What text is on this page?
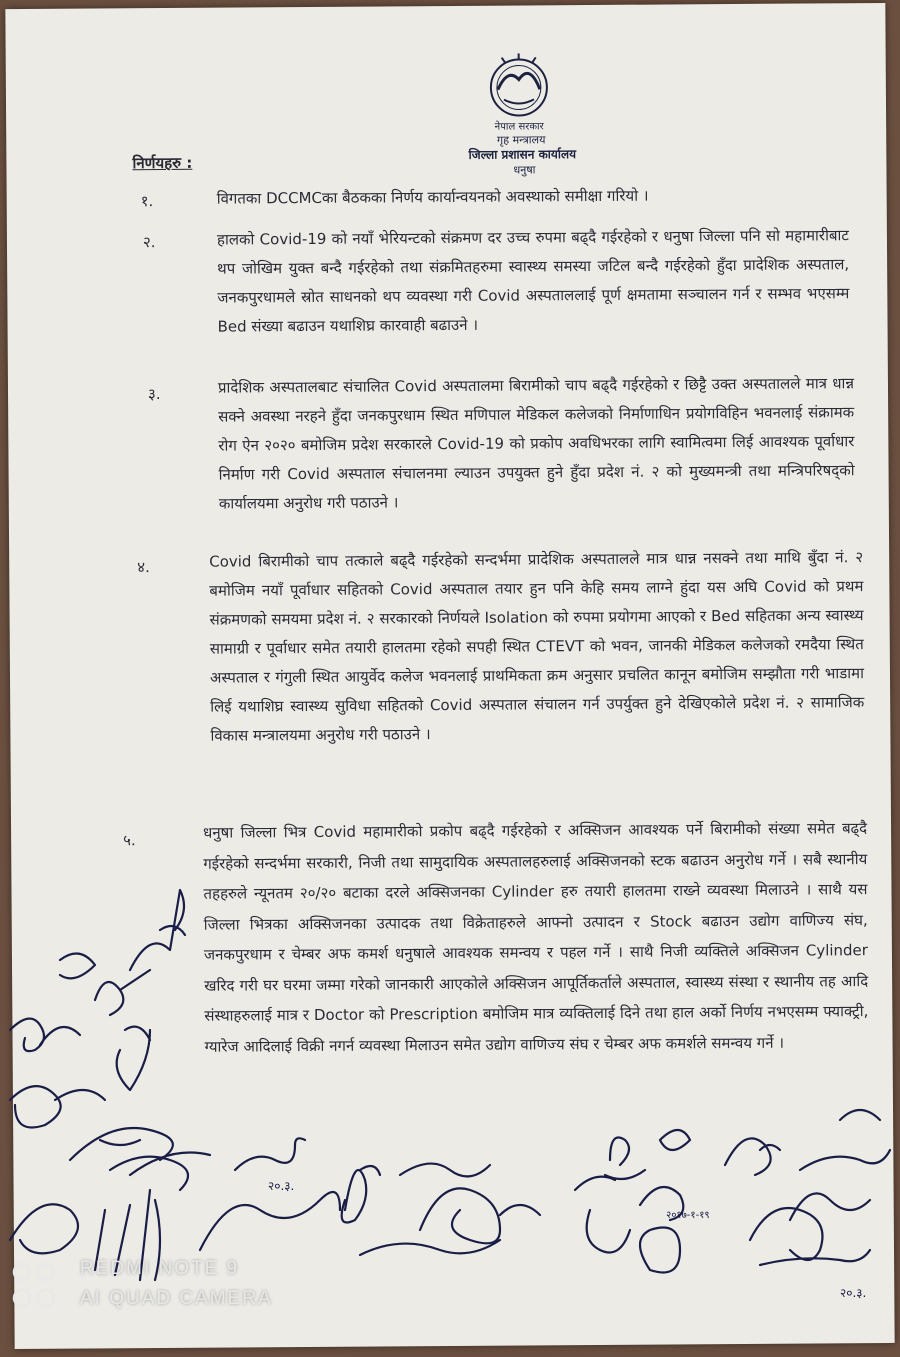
नेपाल सरकार
गृह मन्त्रालय
जिल्ला प्रशासन कार्यालय
धनुषा
निर्णयहरु :
१.	विगतका DCCMCका बैठकका निर्णय कार्यान्वयनको अवस्थाको समीक्षा गरियो ।
२.	हालको Covid-19 को नयाँ भेरियन्टको संक्रमण दर उच्च रुपमा बढ्दै गईरहेको र धनुषा जिल्ला पनि सो महामारीबाट थप जोखिम युक्त बन्दै गईरहेको तथा संक्रमितहरुमा स्वास्थ्य समस्या जटिल बन्दै गईरहेको हुँदा प्रादेशिक अस्पताल, जनकपुरधामले स्रोत साधनको थप व्यवस्था गरी Covid अस्पताललाई पूर्ण क्षमतामा सञ्चालन गर्न र सम्भव भएसम्म Bed संख्या बढाउन यथाशिघ्र कारवाही बढाउने ।
३.	प्रादेशिक अस्पतालबाट संचालित Covid अस्पतालमा बिरामीको चाप बढ्दै गईरहेको र छिट्टै उक्त अस्पतालले मात्र धान्न सक्ने अवस्था नरहने हुँदा जनकपुरधाम स्थित मणिपाल मेडिकल कलेजको निर्माणाधिन प्रयोगविहिन भवनलाई संक्रामक रोग ऐन २०२० बमोजिम प्रदेश सरकारले Covid-19 को प्रकोप अवधिभरका लागि स्वामित्वमा लिई आवश्यक पूर्वाधार निर्माण गरी Covid अस्पताल संचालनमा ल्याउन उपयुक्त हुने हुँदा प्रदेश नं. २ को मुख्यमन्त्री तथा मन्त्रिपरिषद्‌को कार्यालयमा अनुरोध गरी पठाउने ।
४.	Covid बिरामीको चाप तत्काले बढ्दै गईरहेको सन्दर्भमा प्रादेशिक अस्पतालले मात्र धान्न नसक्ने तथा माथि बुँदा नं. २ बमोजिम नयाँ पूर्वाधार सहितको Covid अस्पताल तयार हुन पनि केहि समय लाग्ने हुंदा यस अघि Covid को प्रथम संक्रमणको समयमा प्रदेश नं. २ सरकारको निर्णयले Isolation को रुपमा प्रयोगमा आएको र Bed सहितका अन्य स्वास्थ्य सामाग्री र पूर्वाधार समेत तयारी हालतमा रहेको सपही स्थित CTEVT को भवन, जानकी मेडिकल कलेजको रमदैया स्थित अस्पताल र गंगुली स्थित आयुर्वेद कलेज भवनलाई प्राथमिकता क्रम अनुसार प्रचलित कानून बमोजिम सम्झौता गरी भाडामा लिई यथाशिघ्र स्वास्थ्य सुविधा सहितको Covid अस्पताल संचालन गर्न उपर्युक्त हुने देखिएकोले प्रदेश नं. २ सामाजिक विकास मन्त्रालयमा अनुरोध गरी पठाउने ।
५.	धनुषा जिल्ला भित्र Covid महामारीको प्रकोप बढ्दै गईरहेको र अक्सिजन आवश्यक पर्ने बिरामीको संख्या समेत बढ्दै गईरहेको सन्दर्भमा सरकारी, निजी तथा सामुदायिक अस्पतालहरुलाई अक्सिजनको स्टक बढाउन अनुरोध गर्ने । सबै स्थानीय तहहरुले न्यूनतम २०/२० बटाका दरले अक्सिजनका Cylinder हरु तयारी हालतमा राख्ने व्यवस्था मिलाउने । साथै यस जिल्ला भित्रका अक्सिजनका उत्पादक तथा विक्रेताहरुले आफ्नो उत्पादन र Stock बढाउन उद्योग वाणिज्य संघ, जनकपुरधाम र चेम्बर अफ कमर्श धनुषाले आवश्यक समन्वय र पहल गर्ने । साथै निजी व्यक्तिले अक्सिजन Cylinder खरिद गरी घर घरमा जम्मा गरेको जानकारी आएकोले अक्सिजन आपूर्तिकर्ताले अस्पताल, स्वास्थ्य संस्था र स्थानीय तह आदि संस्थाहरुलाई मात्र र Doctor को Prescription बमोजिम मात्र व्यक्तिलाई दिने तथा हाल अर्को निर्णय नभएसम्म फ्याक्ट्री, ग्यारेज आदिलाई विक्री नगर्न व्यवस्था मिलाउन समेत उद्योग वाणिज्य संघ र चेम्बर अफ कमर्शले समन्वय गर्ने ।
२०.३.
२०.३.
२०१७-१-१९
REDMI NOTE 9
AI QUAD CAMERA
